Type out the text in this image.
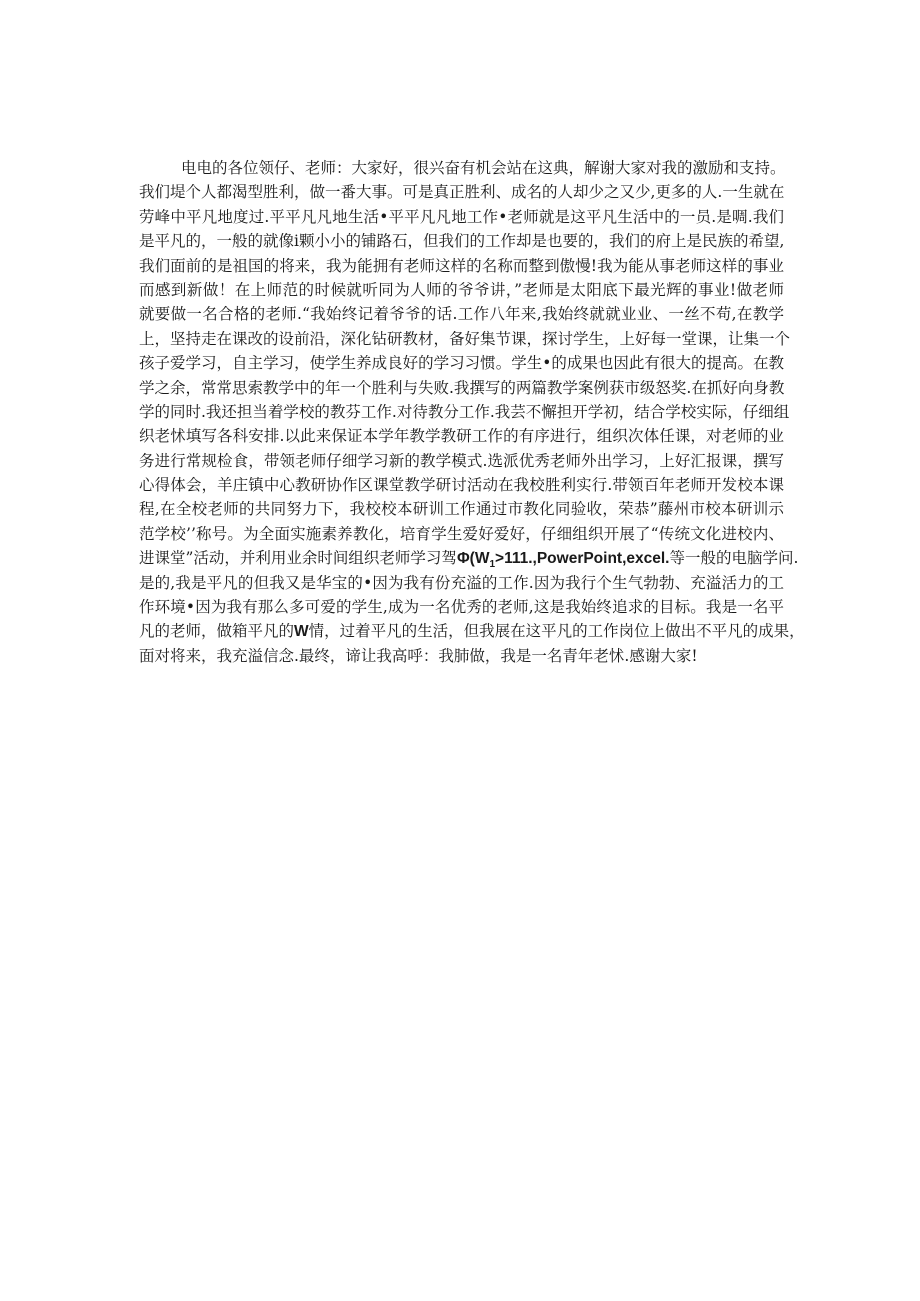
电电的各位领仔、老师：大家好，很兴奋有机会站在这典，解谢大家对我的激励和支持。
我们堤个人都渴型胜利，做一番大事。可是真正胜利、成名的人却少之又少,更多的人.一生就在
劳峰中平凡地度过.平平凡凡地生活•平平凡凡地工作•老师就是这平凡生活中的一员.是啁.我们
是平凡的，一般的就像i颗小小的铺路石，但我们的工作却是也要的，我们的府上是民族的希望,
我们面前的是祖国的将来，我为能拥有老师这样的名称而整到傲慢!我为能从事老师这样的事业
而感到新做！在上师范的时候就听同为人师的爷爷讲，”老师是太阳底下最光辉的事业!做老师
就要做一名合格的老师.“我始终记着爷爷的话.工作八年来,我始终就就业业、一丝不苟,在教学
上，坚持走在课改的设前沿，深化钻研教材，备好集节课，探讨学生，上好每一堂课，让集一个
孩子爱学习，自主学习，使学生养成良好的学习习惯。学生•的成果也因此有很大的提高。在教
学之余，常常思索教学中的年一个胜利与失败.我撰写的两篇教学案例获市级怒奖.在抓好向身教
学的同时.我还担当着学校的教芬工作.对待教分工作.我芸不懈担开学初，结合学校实际，仔细组
织老怵填写各科安排.以此来保证本学年教学教研工作的有序进行，组织次体任课，对老师的业
务进行常规检食，带领老师仔细学习新的教学模式.选派优秀老师外出学习，上好汇报课，撰写
心得体会，羊庄镇中心教研协作区课堂教学研讨活动在我校胜利实行.带领百年老师开发校本课
程,在全校老师的共同努力下，我校校本研训工作通过市教化同验收，荣恭”藤州市校本研训示
范学校’’称号。为全面实施素养教化，培育学生爱好爱好，仔细组织开展了“传统文化进校内、
进课堂”活动，并利用业余时间组织老师学习驾$\Phi(W_1>111.,PowerPoint,excel$.等一般的电脑学问.
是的,我是平凡的但我又是华宝的•因为我有份充溢的工作.因为我行个生气勃勃、充溢活力的工
作环境•因为我有那么多可爱的学生,成为一名优秀的老师,这是我始终追求的目标。我是一名平
凡的老师，做箱平凡的W情，过着平凡的生活，但我展在这平凡的工作岗位上做出不平凡的成果，
面对将来，我充溢信念.最终，谛让我高呼：我肺做，我是一名青年老怵.感谢大家!
